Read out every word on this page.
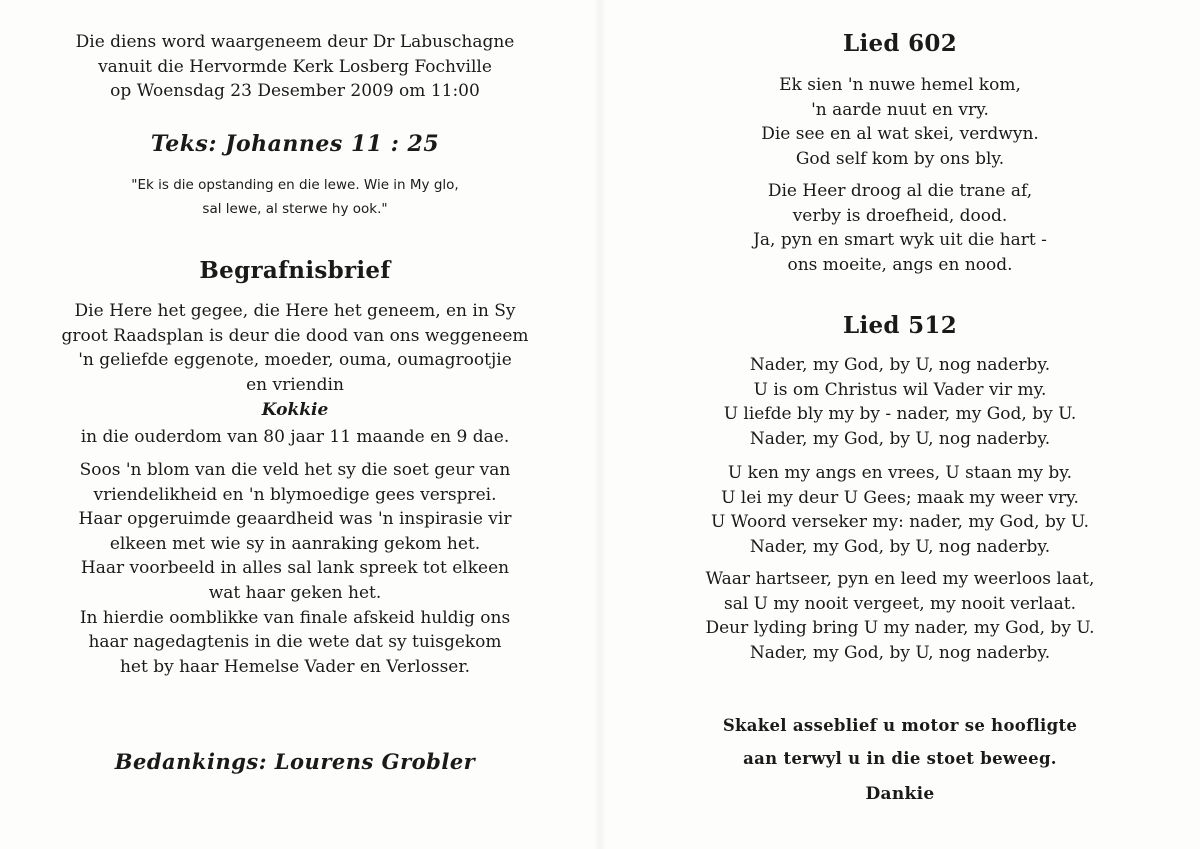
Die diens word waargeneem deur Dr Labuschagne
vanuit die Hervormde Kerk Losberg Fochville
op Woensdag 23 Desember 2009 om 11:00
Teks: Johannes 11 : 25
"Ek is die opstanding en die lewe. Wie in My glo,
sal lewe, al sterwe hy ook."
Begrafnisbrief
Die Here het gegee, die Here het geneem, en in Sy
groot Raadsplan is deur die dood van ons weggeneem
'n geliefde eggenote, moeder, ouma, oumagrootjie
en vriendin
Kokkie
in die ouderdom van 80 jaar 11 maande en 9 dae.
Soos 'n blom van die veld het sy die soet geur van
vriendelikheid en 'n blymoedige gees versprei.
Haar opgeruimde geaardheid was 'n inspirasie vir
elkeen met wie sy in aanraking gekom het.
Haar voorbeeld in alles sal lank spreek tot elkeen
wat haar geken het.
In hierdie oomblikke van finale afskeid huldig ons
haar nagedagtenis in die wete dat sy tuisgekom
het by haar Hemelse Vader en Verlosser.
Bedankings: Lourens Grobler
Lied 602
Ek sien 'n nuwe hemel kom,
'n aarde nuut en vry.
Die see en al wat skei, verdwyn.
God self kom by ons bly.
Die Heer droog al die trane af,
verby is droefheid, dood.
Ja, pyn en smart wyk uit die hart -
ons moeite, angs en nood.
Lied 512
Nader, my God, by U, nog naderby.
U is om Christus wil Vader vir my.
U liefde bly my by - nader, my God, by U.
Nader, my God, by U, nog naderby.
U ken my angs en vrees, U staan my by.
U lei my deur U Gees; maak my weer vry.
U Woord verseker my: nader, my God, by U.
Nader, my God, by U, nog naderby.
Waar hartseer, pyn en leed my weerloos laat,
sal U my nooit vergeet, my nooit verlaat.
Deur lyding bring U my nader, my God, by U.
Nader, my God, by U, nog naderby.
Skakel asseblief u motor se hoofligte
aan terwyl u in die stoet beweeg.
Dankie
